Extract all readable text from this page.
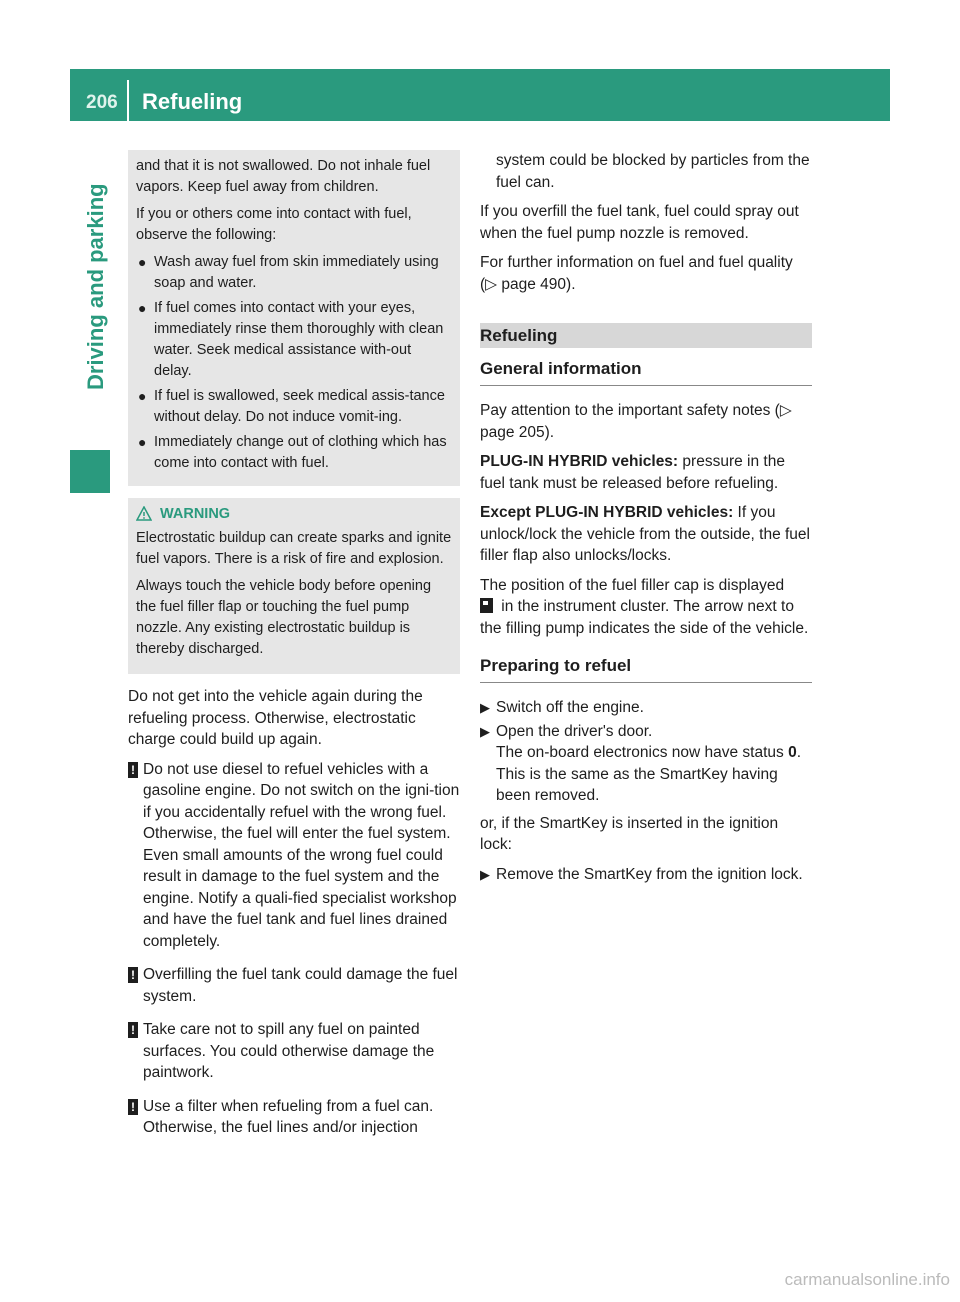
206 Refueling
Driving and parking

and that it is not swallowed. Do not inhale fuel vapors. Keep fuel away from children.

If you or others come into contact with fuel, observe the following:

● Wash away fuel from skin immediately using soap and water.
● If fuel comes into contact with your eyes, immediately rinse them thoroughly with clean water. Seek medical assistance with-out delay.
● If fuel is swallowed, seek medical assis-tance without delay. Do not induce vomit-ing.
● Immediately change out of clothing which has come into contact with fuel.
WARNING

Electrostatic buildup can create sparks and ignite fuel vapors. There is a risk of fire and explosion.

Always touch the vehicle body before opening the fuel filler flap or touching the fuel pump nozzle. Any existing electrostatic buildup is thereby discharged.

Do not get into the vehicle again during the refueling process. Otherwise, electrostatic charge could build up again.

! Do not use diesel to refuel vehicles with a gasoline engine. Do not switch on the igni-tion if you accidentally refuel with the wrong fuel. Otherwise, the fuel will enter the fuel system. Even small amounts of the wrong fuel could result in damage to the fuel system and the engine. Notify a quali-fied specialist workshop and have the fuel tank and fuel lines drained completely.
! Overfilling the fuel tank could damage the fuel system.
! Take care not to spill any fuel on painted surfaces. You could otherwise damage the paintwork.
! Use a filter when refueling from a fuel can. Otherwise, the fuel lines and/or injection

system could be blocked by particles from the fuel can.

If you overfill the fuel tank, fuel could spray out when the fuel pump nozzle is removed.

For further information on fuel and fuel quality (▷ page 490).

Refueling
General information

Pay attention to the important safety notes (▷ page 205).

PLUG-IN HYBRID vehicles: pressure in the fuel tank must be released before refueling.

Except PLUG-IN HYBRID vehicles: If you unlock/lock the vehicle from the outside, the fuel filler flap also unlocks/locks.

The position of the fuel filler cap is displayed
in the instrument cluster. The arrow next to the filling pump indicates the side of the vehicle.

Preparing to refuel
▶ Switch off the engine.
▶ Open the driver's door.
The on-board electronics now have status 0. This is the same as the SmartKey having been removed.

or, if the SmartKey is inserted in the ignition lock:

▶ Remove the SmartKey from the ignition lock.
carmanualsonline.info
